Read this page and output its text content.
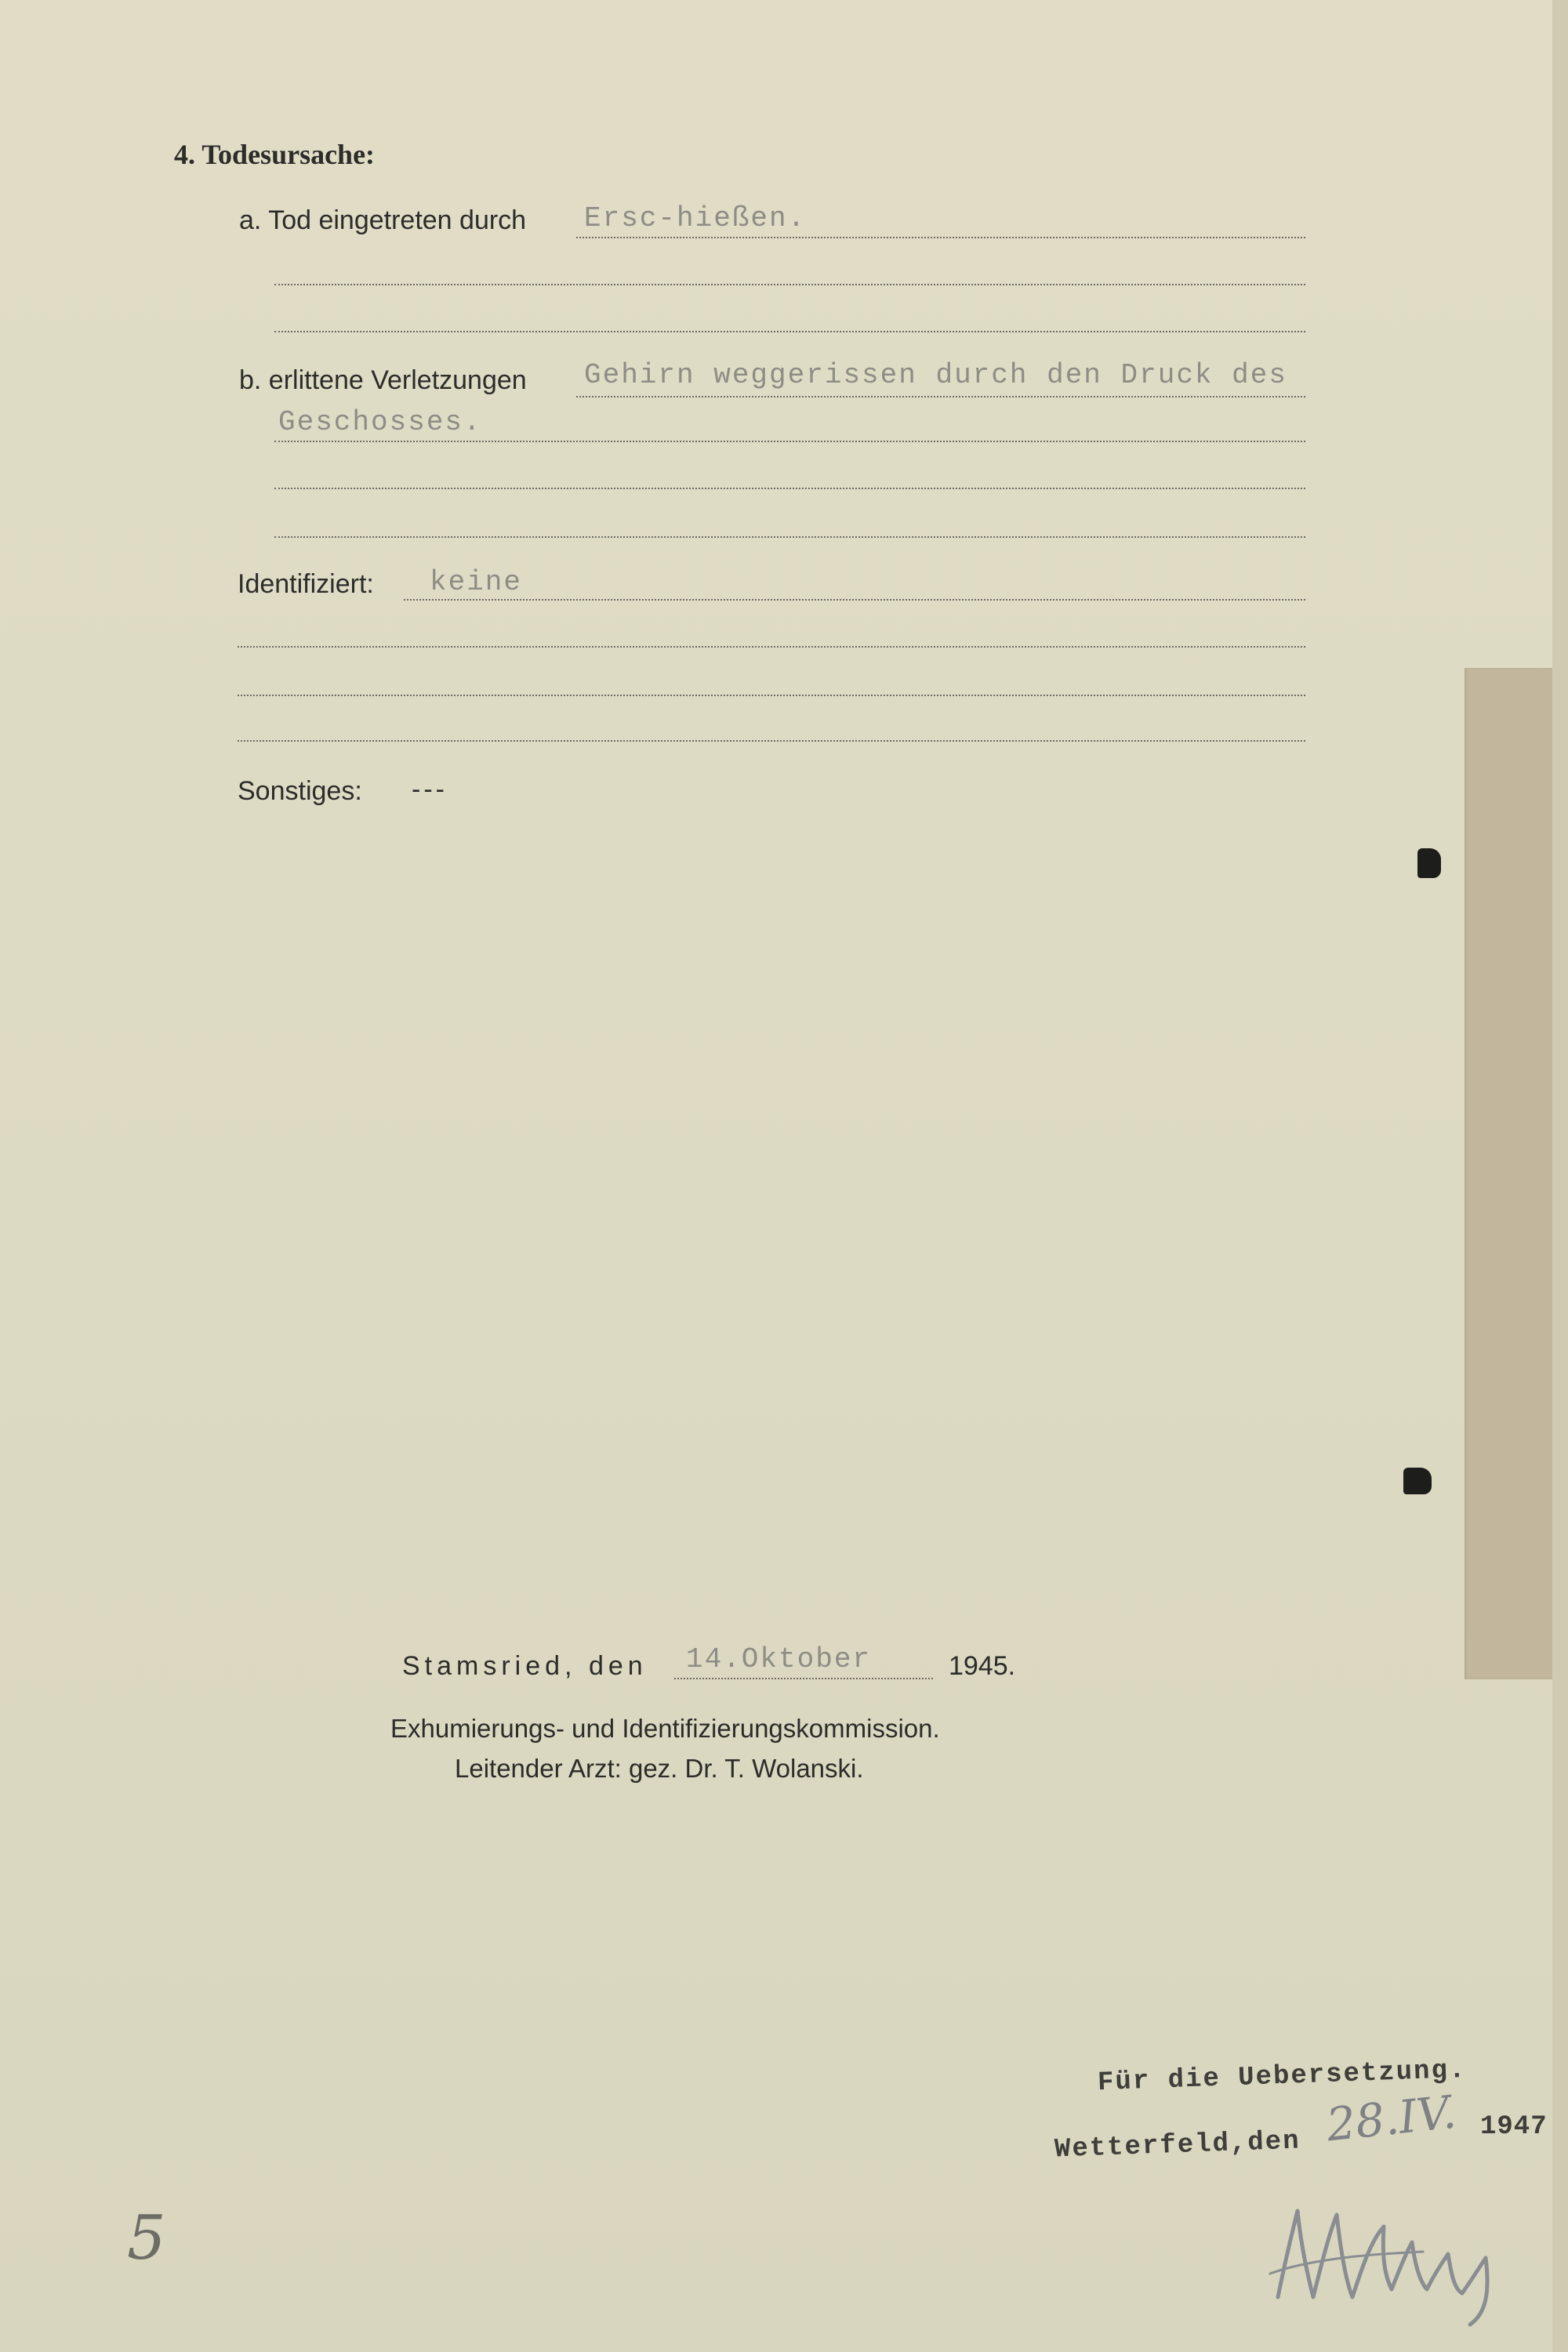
4. Todesursache:
a. Tod eingetreten durch Ersc-hießen.
b. erlittene Verletzungen Gehirn weggerissen durch den Druck des
Geschosses.
Identifiziert: keine
Sonstiges: ---
Stamsried, den 14.Oktober	1945.
Exhumierungs- und Identifizierungskommission.
Leitender Arzt: gez. Dr. T. Wolanski.
Für die Uebersetzung.
Wetterfeld,den 28.IV. 1947
5
